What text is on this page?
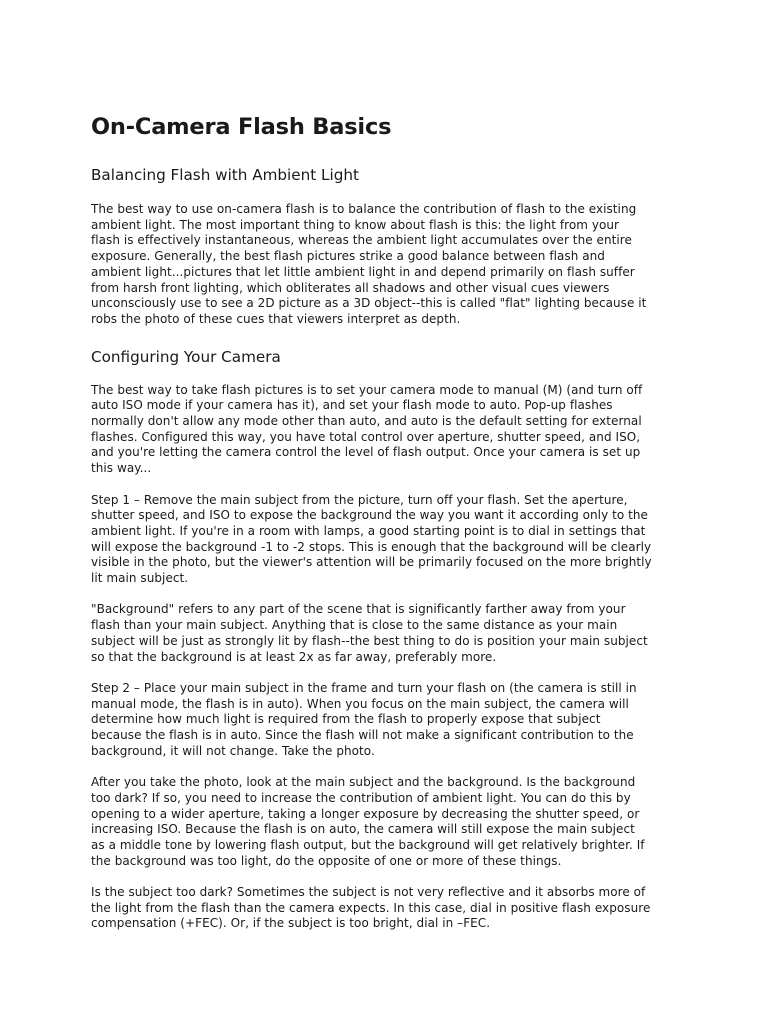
On-Camera Flash Basics
Balancing Flash with Ambient Light

The best way to use on-camera flash is to balance the contribution of flash to the existing
ambient light. The most important thing to know about flash is this: the light from your
flash is effectively instantaneous, whereas the ambient light accumulates over the entire
exposure. Generally, the best flash pictures strike a good balance between flash and
ambient light...pictures that let little ambient light in and depend primarily on flash suffer
from harsh front lighting, which obliterates all shadows and other visual cues viewers
unconsciously use to see a 2D picture as a 3D object--this is called "flat" lighting because it
robs the photo of these cues that viewers interpret as depth.

Configuring Your Camera

The best way to take flash pictures is to set your camera mode to manual (M) (and turn off
auto ISO mode if your camera has it), and set your flash mode to auto. Pop-up flashes
normally don't allow any mode other than auto, and auto is the default setting for external
flashes. Configured this way, you have total control over aperture, shutter speed, and ISO,
and you're letting the camera control the level of flash output. Once your camera is set up
this way...

Step 1 – Remove the main subject from the picture, turn off your flash. Set the aperture,
shutter speed, and ISO to expose the background the way you want it according only to the
ambient light. If you're in a room with lamps, a good starting point is to dial in settings that
will expose the background -1 to -2 stops. This is enough that the background will be clearly
visible in the photo, but the viewer's attention will be primarily focused on the more brightly
lit main subject.

"Background" refers to any part of the scene that is significantly farther away from your
flash than your main subject. Anything that is close to the same distance as your main
subject will be just as strongly lit by flash--the best thing to do is position your main subject
so that the background is at least 2x as far away, preferably more.

Step 2 – Place your main subject in the frame and turn your flash on (the camera is still in
manual mode, the flash is in auto). When you focus on the main subject, the camera will
determine how much light is required from the flash to properly expose that subject
because the flash is in auto. Since the flash will not make a significant contribution to the
background, it will not change. Take the photo.

After you take the photo, look at the main subject and the background. Is the background
too dark? If so, you need to increase the contribution of ambient light. You can do this by
opening to a wider aperture, taking a longer exposure by decreasing the shutter speed, or
increasing ISO. Because the flash is on auto, the camera will still expose the main subject
as a middle tone by lowering flash output, but the background will get relatively brighter. If
the background was too light, do the opposite of one or more of these things.

Is the subject too dark? Sometimes the subject is not very reflective and it absorbs more of
the light from the flash than the camera expects. In this case, dial in positive flash exposure
compensation (+FEC). Or, if the subject is too bright, dial in –FEC.
